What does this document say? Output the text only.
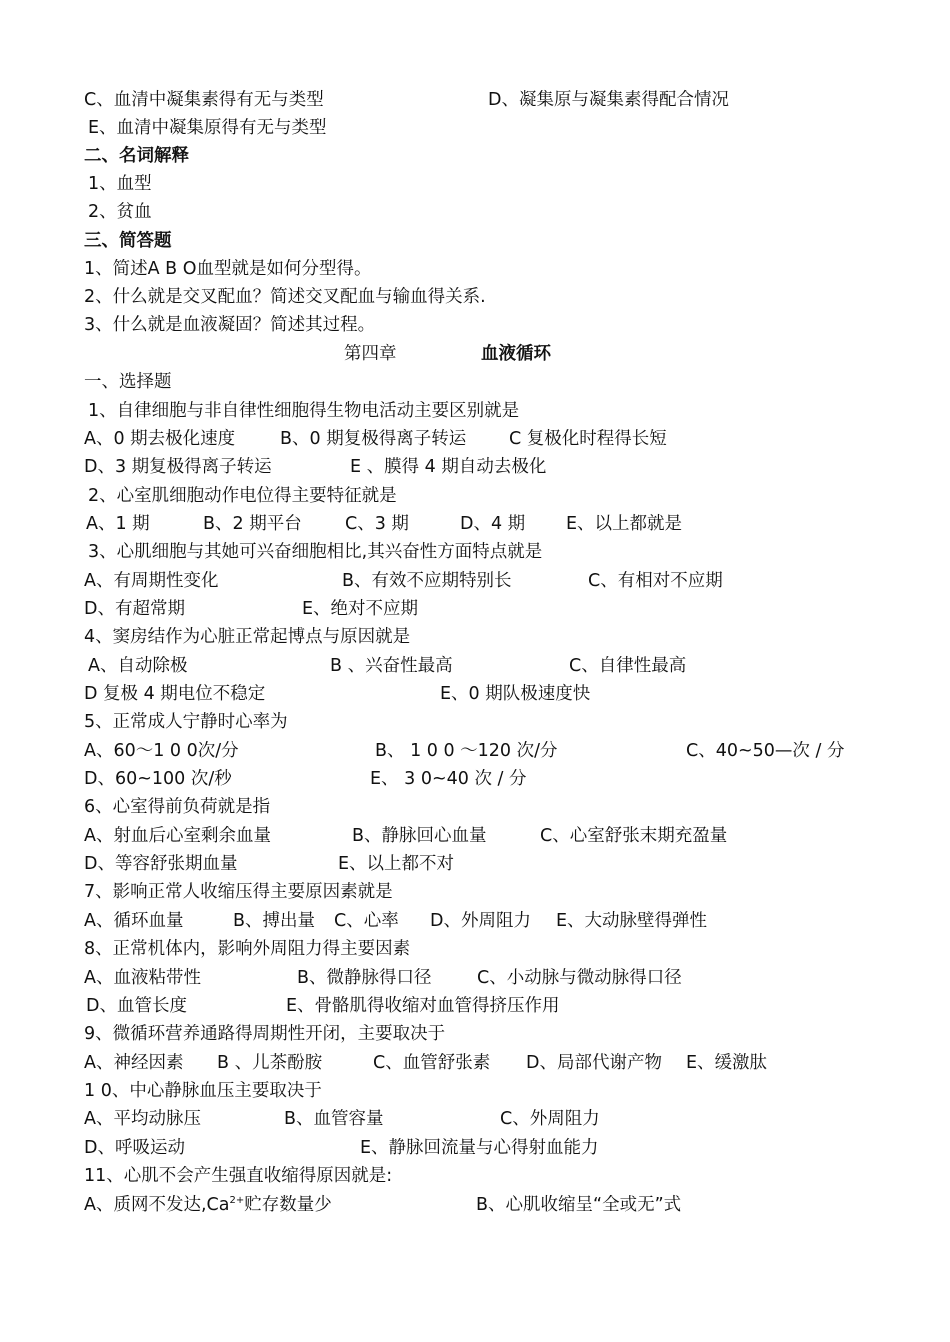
C、血清中凝集素得有无与类型	D、凝集原与凝集素得配合情况
E、血清中凝集原得有无与类型
二、名词解释
1、血型
2、贫血
三、简答题
1、简述A B O血型就是如何分型得。
2、什么就是交叉配血？简述交叉配血与输血得关系.
3、什么就是血液凝固？简述其过程。
第四章	血液循环
一、选择题
1、自律细胞与非自律性细胞得生物电活动主要区别就是
A、0 期去极化速度	B、0 期复极得离子转运 C 复极化时程得长短
D、3 期复极得离子转运	E 、膜得 4 期自动去极化
2、心室肌细胞动作电位得主要特征就是
A、1 期	B、2 期平台 C、3 期	D、4 期 E、以上都就是
3、心肌细胞与其她可兴奋细胞相比,其兴奋性方面特点就是
A、有周期性变化	B、有效不应期特别长	C、有相对不应期
D、有超常期	E、绝对不应期
4、窦房结作为心脏正常起博点与原因就是
A、自动除极	B 、兴奋性最高	C、自律性最高
D 复极 4 期电位不稳定	E、0 期队极速度快
5、正常成人宁静时心率为
A、60～1 0 0次/分	B、 1 0 0 ～120 次/分	C、40~50—次 / 分
D、60~100 次/秒	E、 3 0~40 次 / 分
6、心室得前负荷就是指
A、射血后心室剩余血量	B、静脉回心血量	C、心室舒张末期充盈量
D、等容舒张期血量	E、以上都不对
7、影响正常人收缩压得主要原因素就是
A、循环血量	B、搏出量 C、心率 D、外周阻力 E、大动脉壁得弹性
8、正常机体内，影响外周阻力得主要因素
A、血液粘带性	B、微静脉得口径	C、小动脉与微动脉得口径
D、血管长度	E、骨骼肌得收缩对血管得挤压作用
9、微循环营养通路得周期性开闭，主要取决于
A、神经因素 B 、儿茶酚胺	C、血管舒张素 D、局部代谢产物 E、缓激肽
1 0、中心静脉血压主要取决于
A、平均动脉压	B、血管容量	C、外周阻力
D、呼吸运动	E、静脉回流量与心得射血能力
11、心肌不会产生强直收缩得原因就是:
A、质网不发达$,Ca^{2+}$贮存数量少	B、心肌收缩呈“全或无”式
